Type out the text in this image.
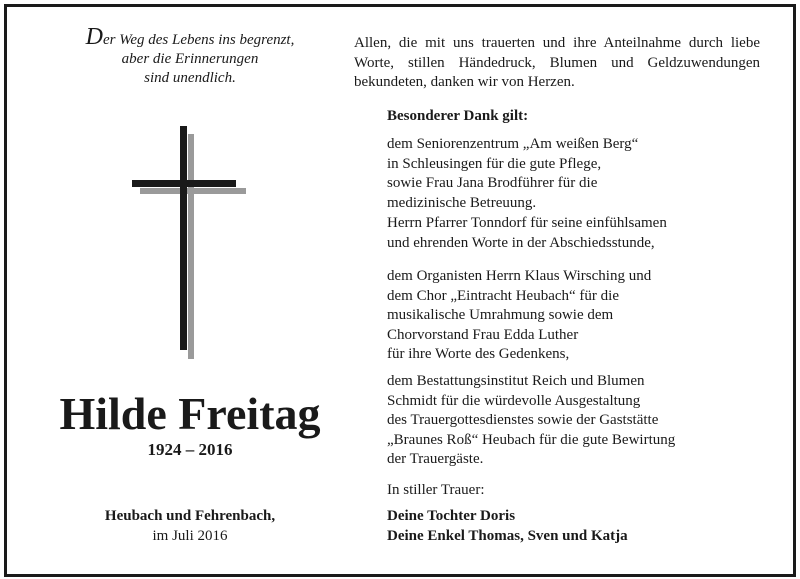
Der Weg des Lebens ins begrenzt,
aber die Erinnerungen
sind unendlich.
Hilde Freitag
1924 – 2016
Heubach und Fehrenbach,
im Juli 2016
Allen, die mit uns trauerten und ihre Anteilnahme durch liebe Worte, stillen Händedruck, Blumen und Geldzuwendungen bekundeten, danken wir von Herzen.
Besonderer Dank gilt:
dem Seniorenzentrum „Am weißen Berg“
in Schleusingen für die gute Pflege,
sowie Frau Jana Brodführer für die
medizinische Betreuung.
Herrn Pfarrer Tonndorf für seine einfühlsamen
und ehrenden Worte in der Abschiedsstunde,
dem Organisten Herrn Klaus Wirsching und
dem Chor „Eintracht Heubach“ für die
musikalische Umrahmung sowie dem
Chorvorstand Frau Edda Luther
für ihre Worte des Gedenkens,
dem Bestattungsinstitut Reich und Blumen
Schmidt für die würdevolle Ausgestaltung
des Trauergottesdienstes sowie der Gaststätte
„Braunes Roß“ Heubach für die gute Bewirtung
der Trauergäste.
In stiller Trauer:
Deine Tochter Doris
Deine Enkel Thomas, Sven und Katja
